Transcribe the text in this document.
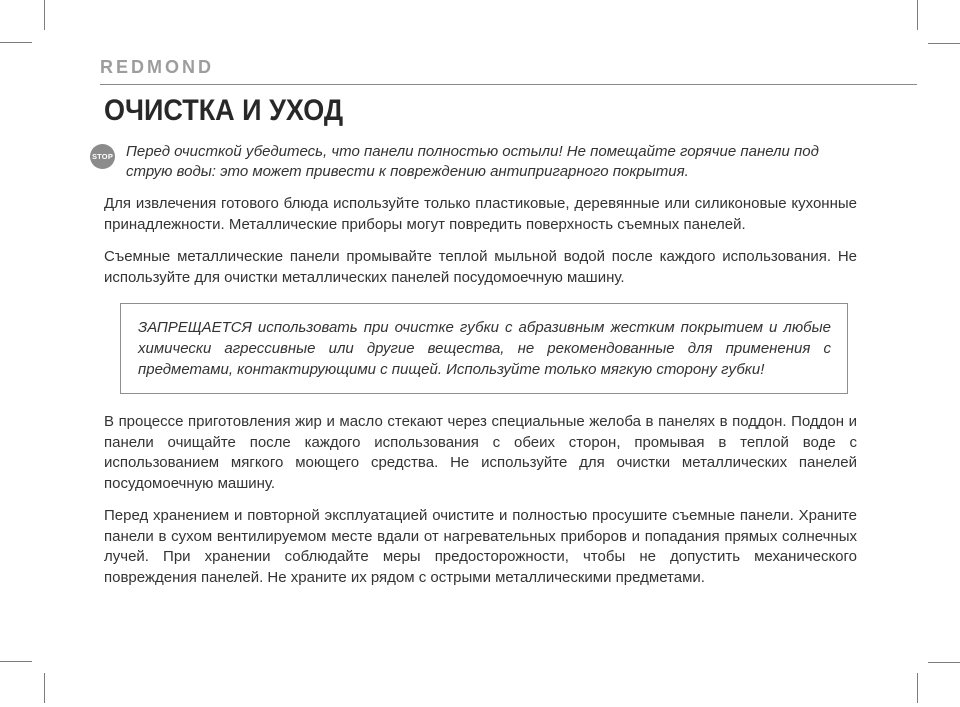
REDMOND
ОЧИСТКА И УХОД
STOP Перед очисткой убедитесь, что панели полностью остыли! Не помещайте горячие панели под струю воды: это может привести к повреждению антипригарного покрытия.

Для извлечения готового блюда используйте только пластиковые, деревянные или силиконовые кухонные принадлежности. Металлические приборы могут повредить поверхность съемных панелей.

Съемные металлические панели промывайте теплой мыльной водой после каждого использования. Не используйте для очистки металлических панелей посудомоечную машину.

ЗАПРЕЩАЕТСЯ использовать при очистке губки с абразивным жестким покрытием и любые химически агрессивные или другие вещества, не рекомендованные для применения с предметами, контактирующими с пищей. Используйте только мягкую сторону губки!

В процессе приготовления жир и масло стекают через специальные желоба в панелях в поддон. Поддон и панели очищайте после каждого использования с обеих сторон, промывая в теплой воде с использованием мягкого моющего средства. Не используйте для очистки металлических панелей посудомоечную машину.

Перед хранением и повторной эксплуатацией очистите и полностью просушите съемные панели. Храните панели в сухом вентилируемом месте вдали от нагревательных приборов и попадания прямых солнечных лучей. При хранении соблюдайте меры предосторожности, чтобы не допустить механического повреждения панелей. Не храните их рядом с острыми металлическими предметами.
